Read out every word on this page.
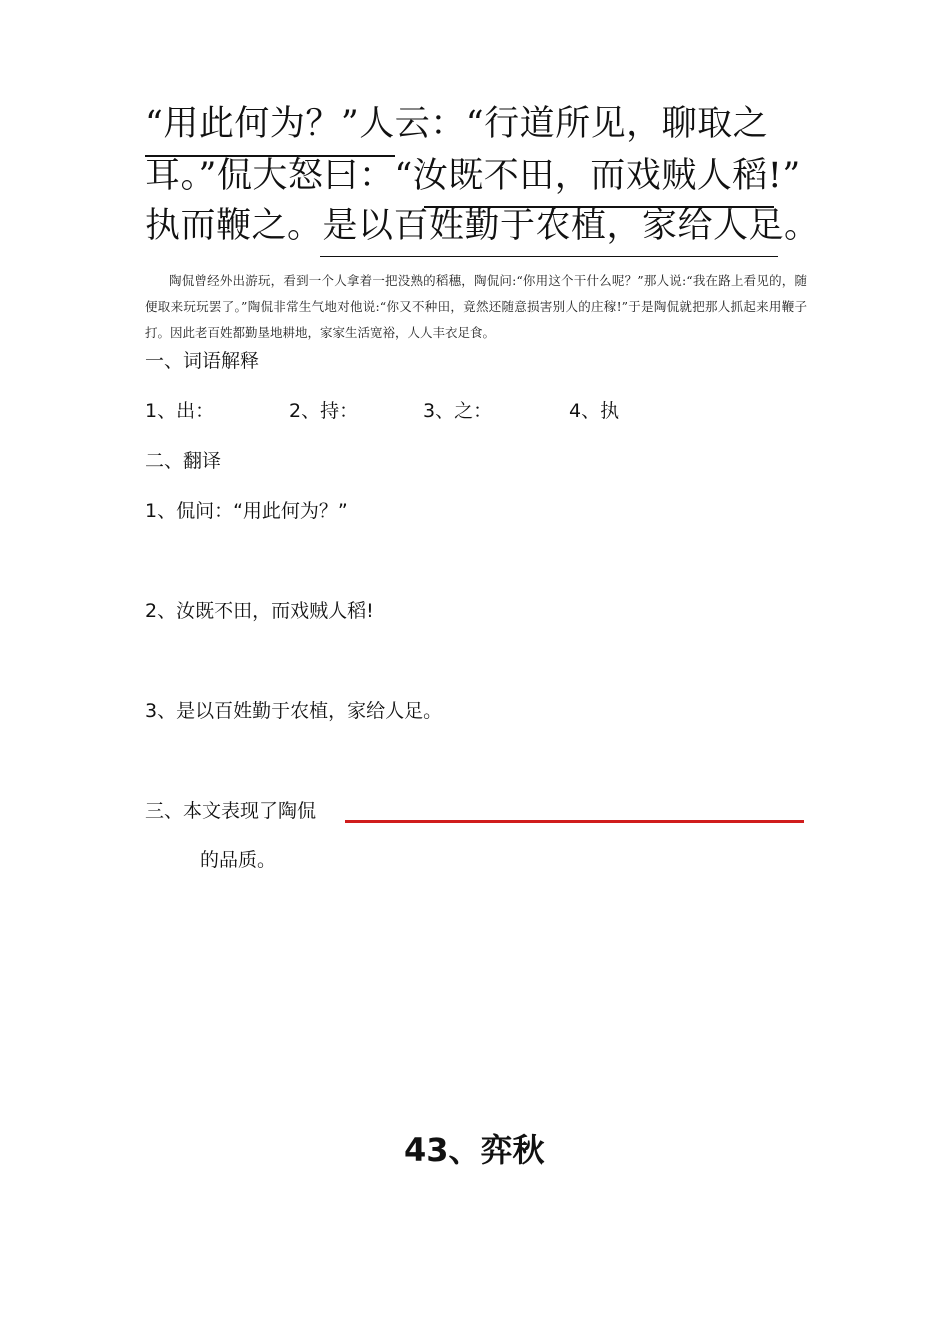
“用此何为？”人云：“行道所见，聊取之
耳。”侃大怒曰：“汝既不田，而戏贼人稻!”
执而鞭之。是以百姓勤于农植，家给人足。
陶侃曾经外出游玩，看到一个人拿着一把没熟的稻穗，陶侃问:“你用这个干什么呢？”那人说:“我在路上看见的，随便取来玩玩罢了。”陶侃非常生气地对他说:“你又不种田，竟然还随意损害别人的庄稼!”于是陶侃就把那人抓起来用鞭子打。因此老百姓都勤垦地耕地，家家生活宽裕，人人丰衣足食。
一、词语解释
1、出：	2、持：	3、之：	4、执
二、翻译
1、侃问：“用此何为？”
2、汝既不田，而戏贼人稻!
3、是以百姓勤于农植，家给人足。
三、本文表现了陶侃
的品质。
43、弈秋
